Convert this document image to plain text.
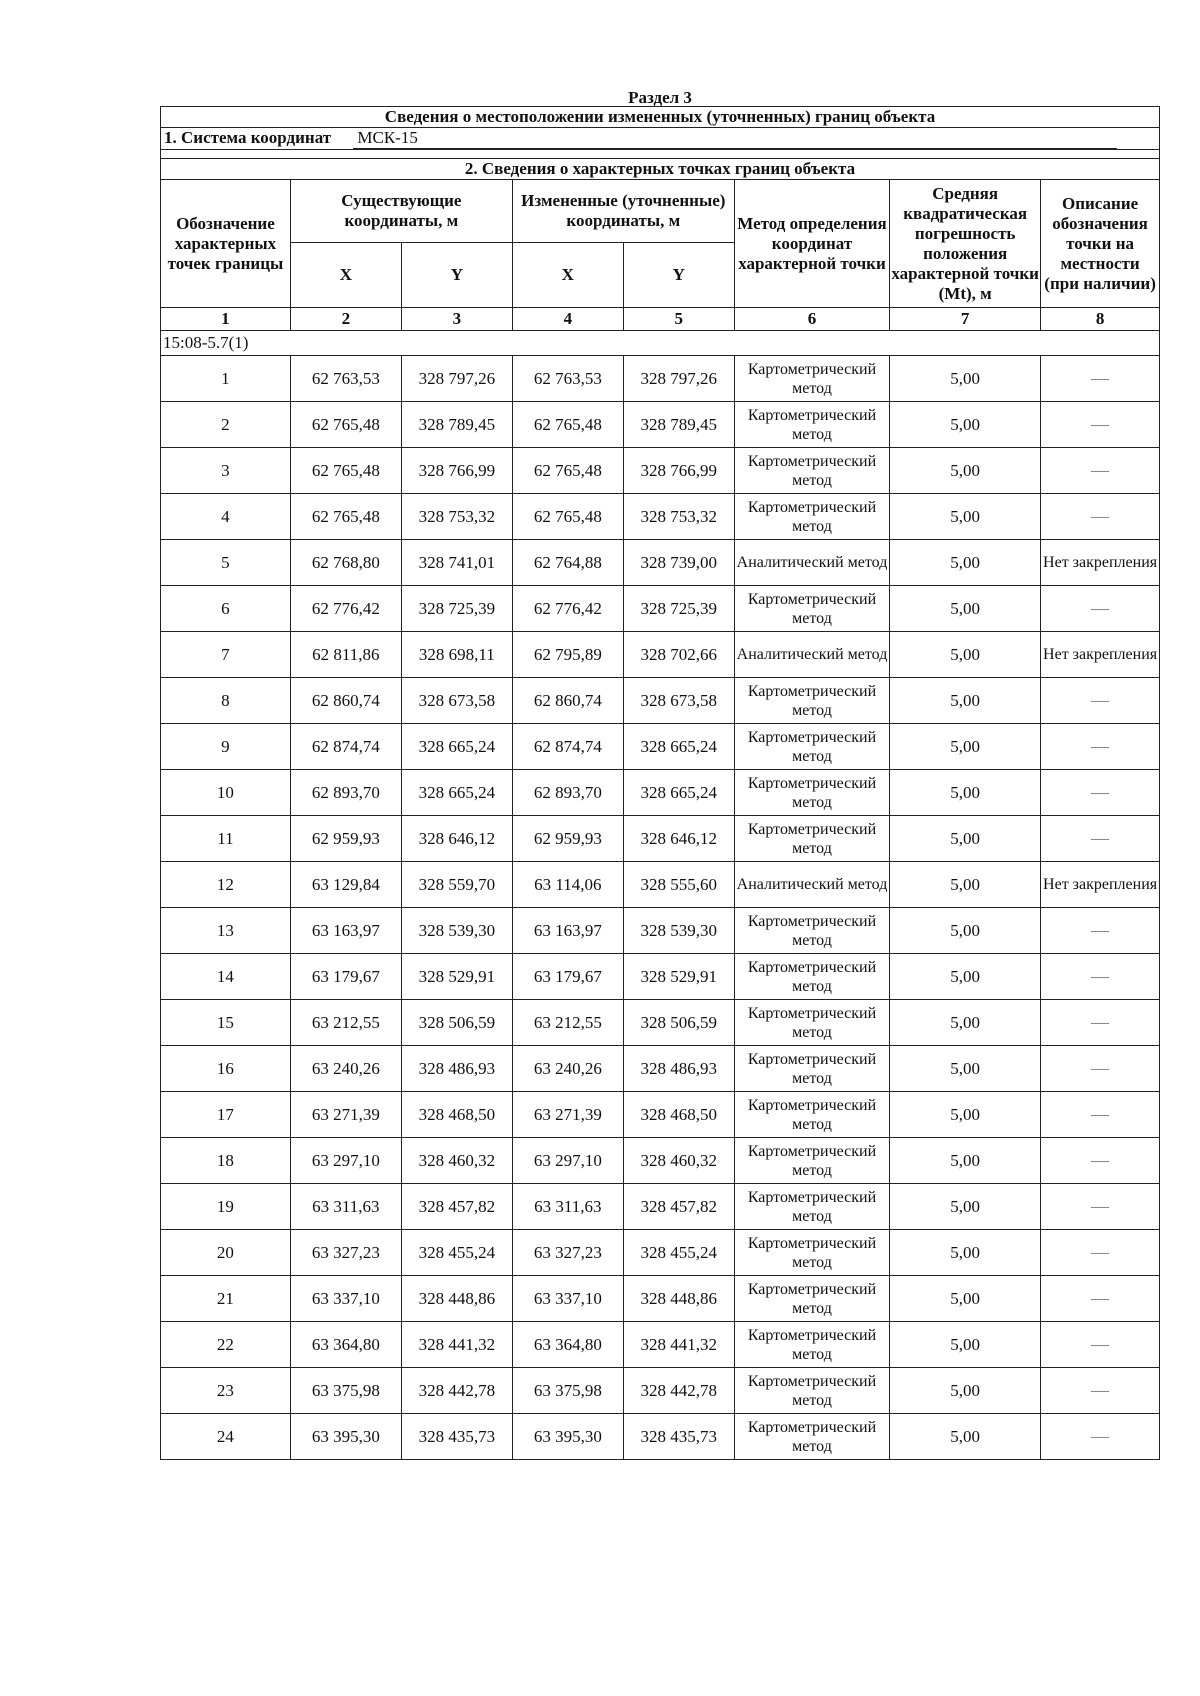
Раздел 3
Сведения о местоположении измененных (уточненных) границ объекта							
1. Система координат МСК-15							

2. Сведения о характерных точках границ объекта							
Обозначение характерных точек границы	Существующие координаты, м		Измененные (уточненные) координаты, м		Метод определения координат характерной точки	Средняя квадратическая погрешность положения характерной точки (Mt), м	Описание обозначения точки на местности (при наличии)
	X	Y	X	Y			
1	2	3	4	5	6	7	8
15:08-5.7(1)							
1	62 763,53	328 797,26	62 763,53	328 797,26	Картометрический метод	5,00	
2	62 765,48	328 789,45	62 765,48	328 789,45	Картометрический метод	5,00	
3	62 765,48	328 766,99	62 765,48	328 766,99	Картометрический метод	5,00	
4	62 765,48	328 753,32	62 765,48	328 753,32	Картометрический метод	5,00	
5	62 768,80	328 741,01	62 764,88	328 739,00	Аналитический метод	5,00	Нет закрепления
6	62 776,42	328 725,39	62 776,42	328 725,39	Картометрический метод	5,00	
7	62 811,86	328 698,11	62 795,89	328 702,66	Аналитический метод	5,00	Нет закрепления
8	62 860,74	328 673,58	62 860,74	328 673,58	Картометрический метод	5,00	
9	62 874,74	328 665,24	62 874,74	328 665,24	Картометрический метод	5,00	
10	62 893,70	328 665,24	62 893,70	328 665,24	Картометрический метод	5,00	
11	62 959,93	328 646,12	62 959,93	328 646,12	Картометрический метод	5,00	
12	63 129,84	328 559,70	63 114,06	328 555,60	Аналитический метод	5,00	Нет закрепления
13	63 163,97	328 539,30	63 163,97	328 539,30	Картометрический метод	5,00	
14	63 179,67	328 529,91	63 179,67	328 529,91	Картометрический метод	5,00	
15	63 212,55	328 506,59	63 212,55	328 506,59	Картометрический метод	5,00	
16	63 240,26	328 486,93	63 240,26	328 486,93	Картометрический метод	5,00	
17	63 271,39	328 468,50	63 271,39	328 468,50	Картометрический метод	5,00	
18	63 297,10	328 460,32	63 297,10	328 460,32	Картометрический метод	5,00	
19	63 311,63	328 457,82	63 311,63	328 457,82	Картометрический метод	5,00	
20	63 327,23	328 455,24	63 327,23	328 455,24	Картометрический метод	5,00	
21	63 337,10	328 448,86	63 337,10	328 448,86	Картометрический метод	5,00	
22	63 364,80	328 441,32	63 364,80	328 441,32	Картометрический метод	5,00	
23	63 375,98	328 442,78	63 375,98	328 442,78	Картометрический метод	5,00	
24	63 395,30	328 435,73	63 395,30	328 435,73	Картометрический метод	5,00	
